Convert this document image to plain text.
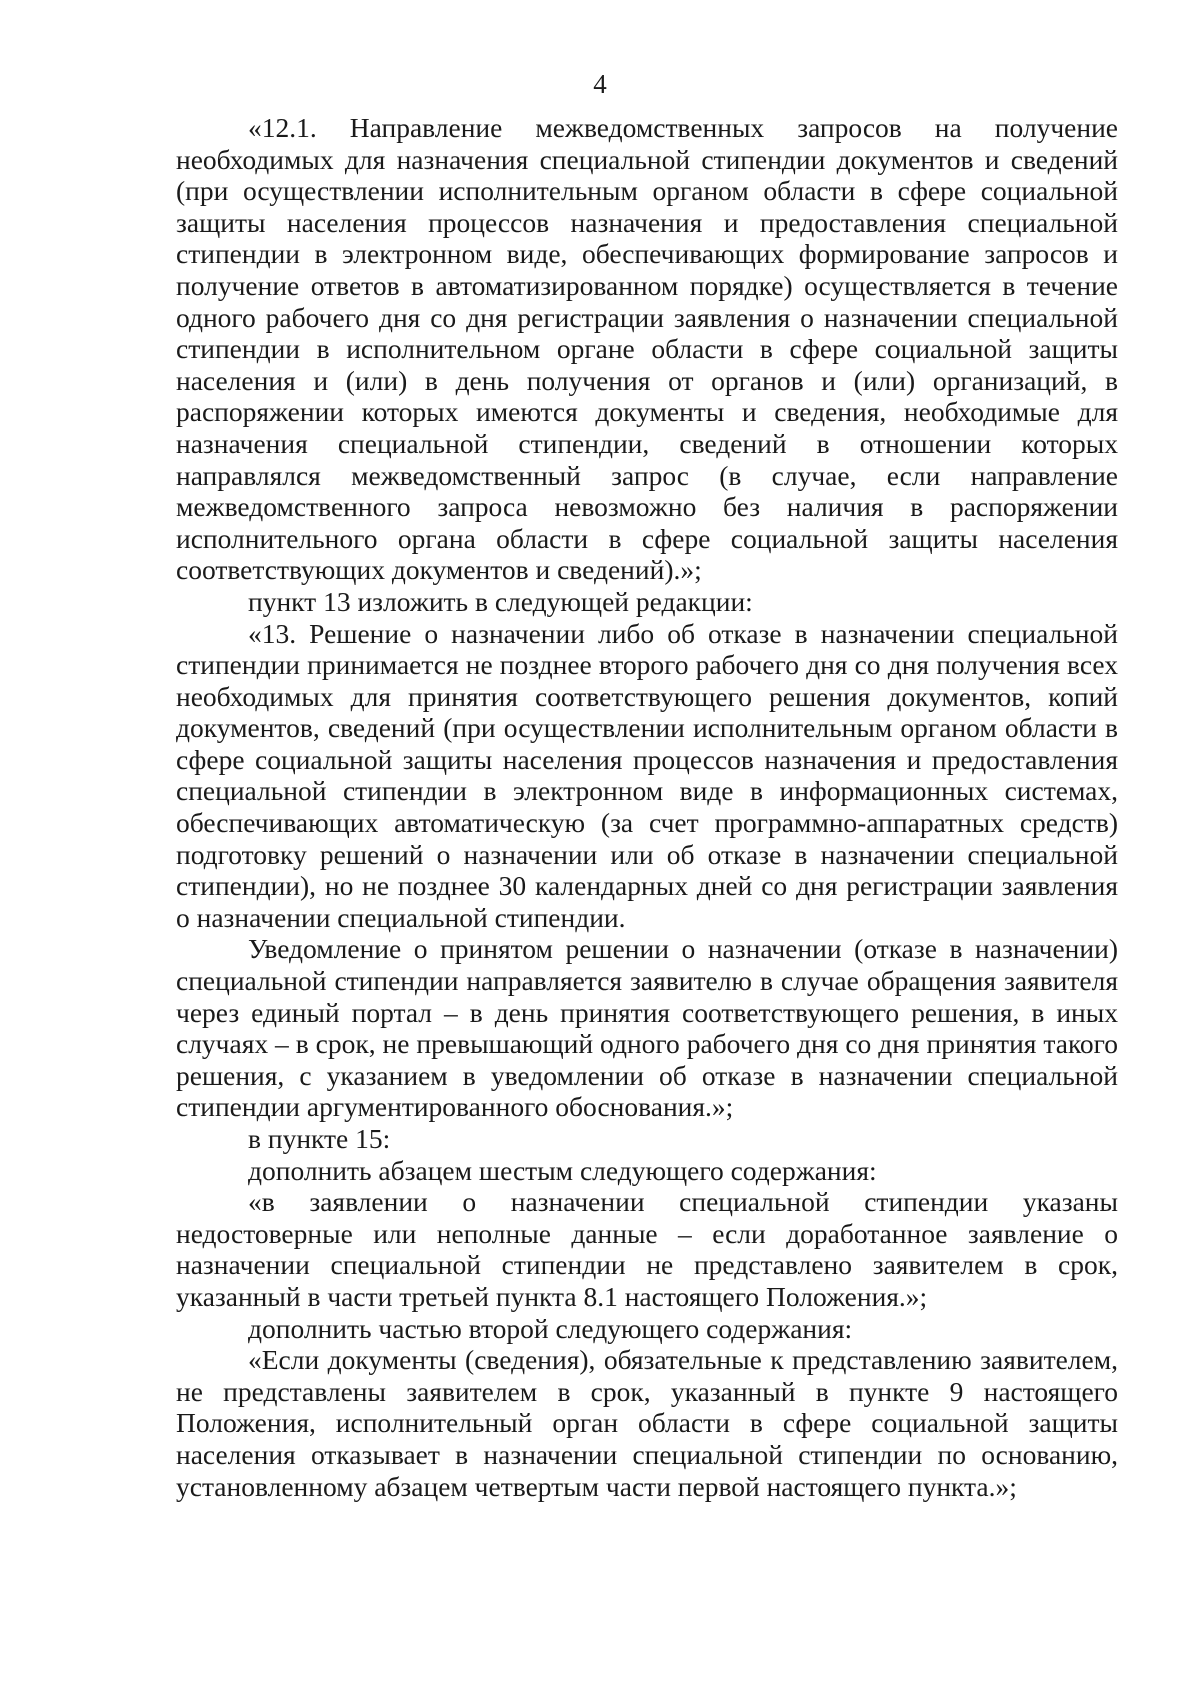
4

«12.1. Направление межведомственных запросов на получение необходимых для назначения специальной стипендии документов и сведений (при осуществлении исполнительным органом области в сфере социальной защиты населения процессов назначения и предоставления специальной стипендии в электронном виде, обеспечивающих формирование запросов и получение ответов в автоматизированном порядке) осуществляется в течение одного рабочего дня со дня регистрации заявления о назначении специальной стипендии в исполнительном органе области в сфере социальной защиты населения и (или) в день получения от органов и (или) организаций, в распоряжении которых имеются документы и сведения, необходимые для назначения специальной стипендии, сведений в отношении которых направлялся межведомственный запрос (в случае, если направление межведомственного запроса невозможно без наличия в распоряжении исполнительного органа области в сфере социальной защиты населения соответствующих документов и сведений).»;

пункт 13 изложить в следующей редакции:

«13. Решение о назначении либо об отказе в назначении специальной стипендии принимается не позднее второго рабочего дня со дня получения всех необходимых для принятия соответствующего решения документов, копий документов, сведений (при осуществлении исполнительным органом области в сфере социальной защиты населения процессов назначения и предоставления специальной стипендии в электронном виде в информационных системах, обеспечивающих автоматическую (за счет программно-аппаратных средств) подготовку решений о назначении или об отказе в назначении специальной стипендии), но не позднее 30 календарных дней со дня регистрации заявления о назначении специальной стипендии.

Уведомление о принятом решении о назначении (отказе в назначении) специальной стипендии направляется заявителю в случае обращения заявителя через единый портал – в день принятия соответствующего решения, в иных случаях – в срок, не превышающий одного рабочего дня со дня принятия такого решения, с указанием в уведомлении об отказе в назначении специальной стипендии аргументированного обоснования.»;

в пункте 15:

дополнить абзацем шестым следующего содержания:

«в заявлении о назначении специальной стипендии указаны недостоверные или неполные данные – если доработанное заявление о назначении специальной стипендии не представлено заявителем в срок, указанный в части третьей пункта 8.1 настоящего Положения.»;

дополнить частью второй следующего содержания:

«Если документы (сведения), обязательные к представлению заявителем, не представлены заявителем в срок, указанный в пункте 9 настоящего Положения, исполнительный орган области в сфере социальной защиты населения отказывает в назначении специальной стипендии по основанию, установленному абзацем четвертым части первой настоящего пункта.»;
